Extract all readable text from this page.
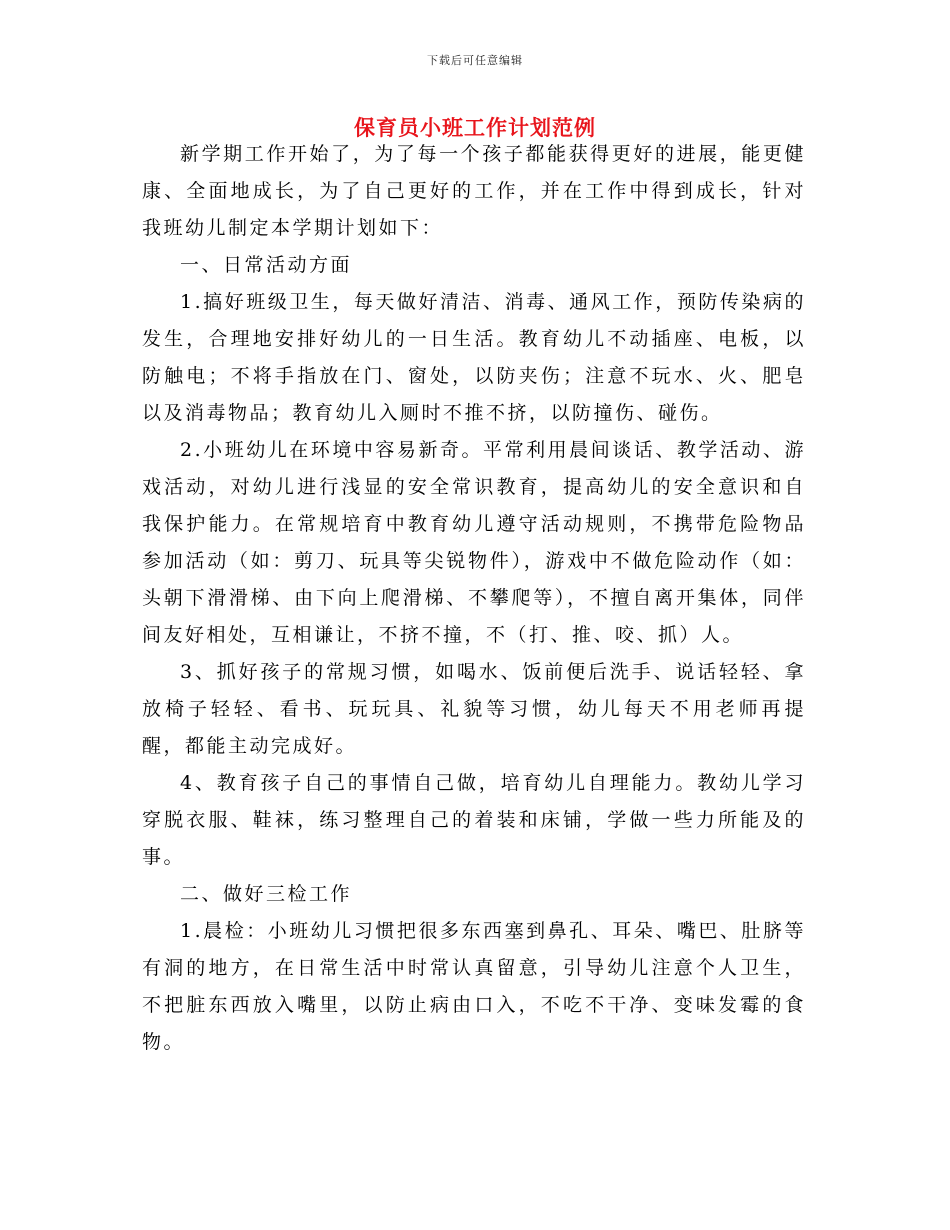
下载后可任意编辑
保育员小班工作计划范例

新学期工作开始了，为了每一个孩子都能获得更好的进展，能更健康、全面地成长，为了自己更好的工作，并在工作中得到成长，针对我班幼儿制定本学期计划如下：

一、日常活动方面

1.搞好班级卫生，每天做好清洁、消毒、通风工作，预防传染病的发生，合理地安排好幼儿的一日生活。教育幼儿不动插座、电板，以防触电；不将手指放在门、窗处，以防夹伤；注意不玩水、火、肥皂以及消毒物品；教育幼儿入厕时不推不挤，以防撞伤、碰伤。

2.小班幼儿在环境中容易新奇。平常利用晨间谈话、教学活动、游戏活动，对幼儿进行浅显的安全常识教育，提高幼儿的安全意识和自我保护能力。在常规培育中教育幼儿遵守活动规则，不携带危险物品参加活动（如：剪刀、玩具等尖锐物件），游戏中不做危险动作（如：头朝下滑滑梯、由下向上爬滑梯、不攀爬等），不擅自离开集体，同伴间友好相处，互相谦让，不挤不撞，不（打、推、咬、抓）人。

3、抓好孩子的常规习惯，如喝水、饭前便后洗手、说话轻轻、拿放椅子轻轻、看书、玩玩具、礼貌等习惯，幼儿每天不用老师再提醒，都能主动完成好。

4、教育孩子自己的事情自己做，培育幼儿自理能力。教幼儿学习穿脱衣服、鞋袜，练习整理自己的着装和床铺，学做一些力所能及的事。

二、做好三检工作

1.晨检：小班幼儿习惯把很多东西塞到鼻孔、耳朵、嘴巴、肚脐等有洞的地方，在日常生活中时常认真留意，引导幼儿注意个人卫生，不把脏东西放入嘴里，以防止病由口入，不吃不干净、变味发霉的食物。
